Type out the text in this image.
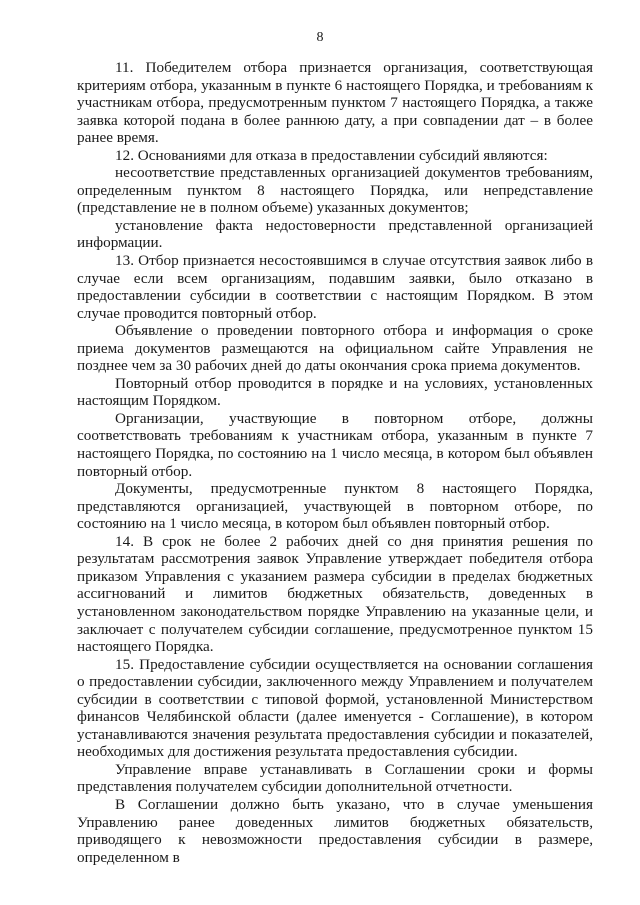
8

11. Победителем отбора признается организация, соответствующая критериям отбора, указанным в пункте 6 настоящего Порядка, и требованиям к участникам отбора, предусмотренным пунктом 7 настоящего Порядка, а также заявка которой подана в более раннюю дату, а при совпадении дат – в более ранее время.

12. Основаниями для отказа в предоставлении субсидий являются:

несоответствие представленных организацией документов требованиям, определенным пунктом 8 настоящего Порядка, или непредставление (представление не в полном объеме) указанных документов;

установление факта недостоверности представленной организацией информации.

13. Отбор признается несостоявшимся в случае отсутствия заявок либо в случае если всем организациям, подавшим заявки, было отказано в предоставлении субсидии в соответствии с настоящим Порядком. В этом случае проводится повторный отбор.

Объявление о проведении повторного отбора и информация о сроке приема документов размещаются на официальном сайте Управления не позднее чем за 30 рабочих дней до даты окончания срока приема документов.

Повторный отбор проводится в порядке и на условиях, установленных настоящим Порядком.

Организации, участвующие в повторном отборе, должны соответствовать требованиям к участникам отбора, указанным в пункте 7 настоящего Порядка, по состоянию на 1 число месяца, в котором был объявлен повторный отбор.

Документы, предусмотренные пунктом 8 настоящего Порядка, представляются организацией, участвующей в повторном отборе, по состоянию на 1 число месяца, в котором был объявлен повторный отбор.

14. В срок не более 2 рабочих дней со дня принятия решения по результатам рассмотрения заявок Управление утверждает победителя отбора приказом Управления с указанием размера субсидии в пределах бюджетных ассигнований и лимитов бюджетных обязательств, доведенных в установленном законодательством порядке Управлению на указанные цели, и заключает с получателем субсидии соглашение, предусмотренное пунктом 15 настоящего Порядка.

15. Предоставление субсидии осуществляется на основании соглашения о предоставлении субсидии, заключенного между Управлением и получателем субсидии в соответствии с типовой формой, установленной Министерством финансов Челябинской области (далее именуется - Соглашение), в котором устанавливаются значения результата предоставления субсидии и показателей, необходимых для достижения результата предоставления субсидии.

Управление вправе устанавливать в Соглашении сроки и формы представления получателем субсидии дополнительной отчетности.

В Соглашении должно быть указано, что в случае уменьшения Управлению ранее доведенных лимитов бюджетных обязательств, приводящего к невозможности предоставления субсидии в размере, определенном в
